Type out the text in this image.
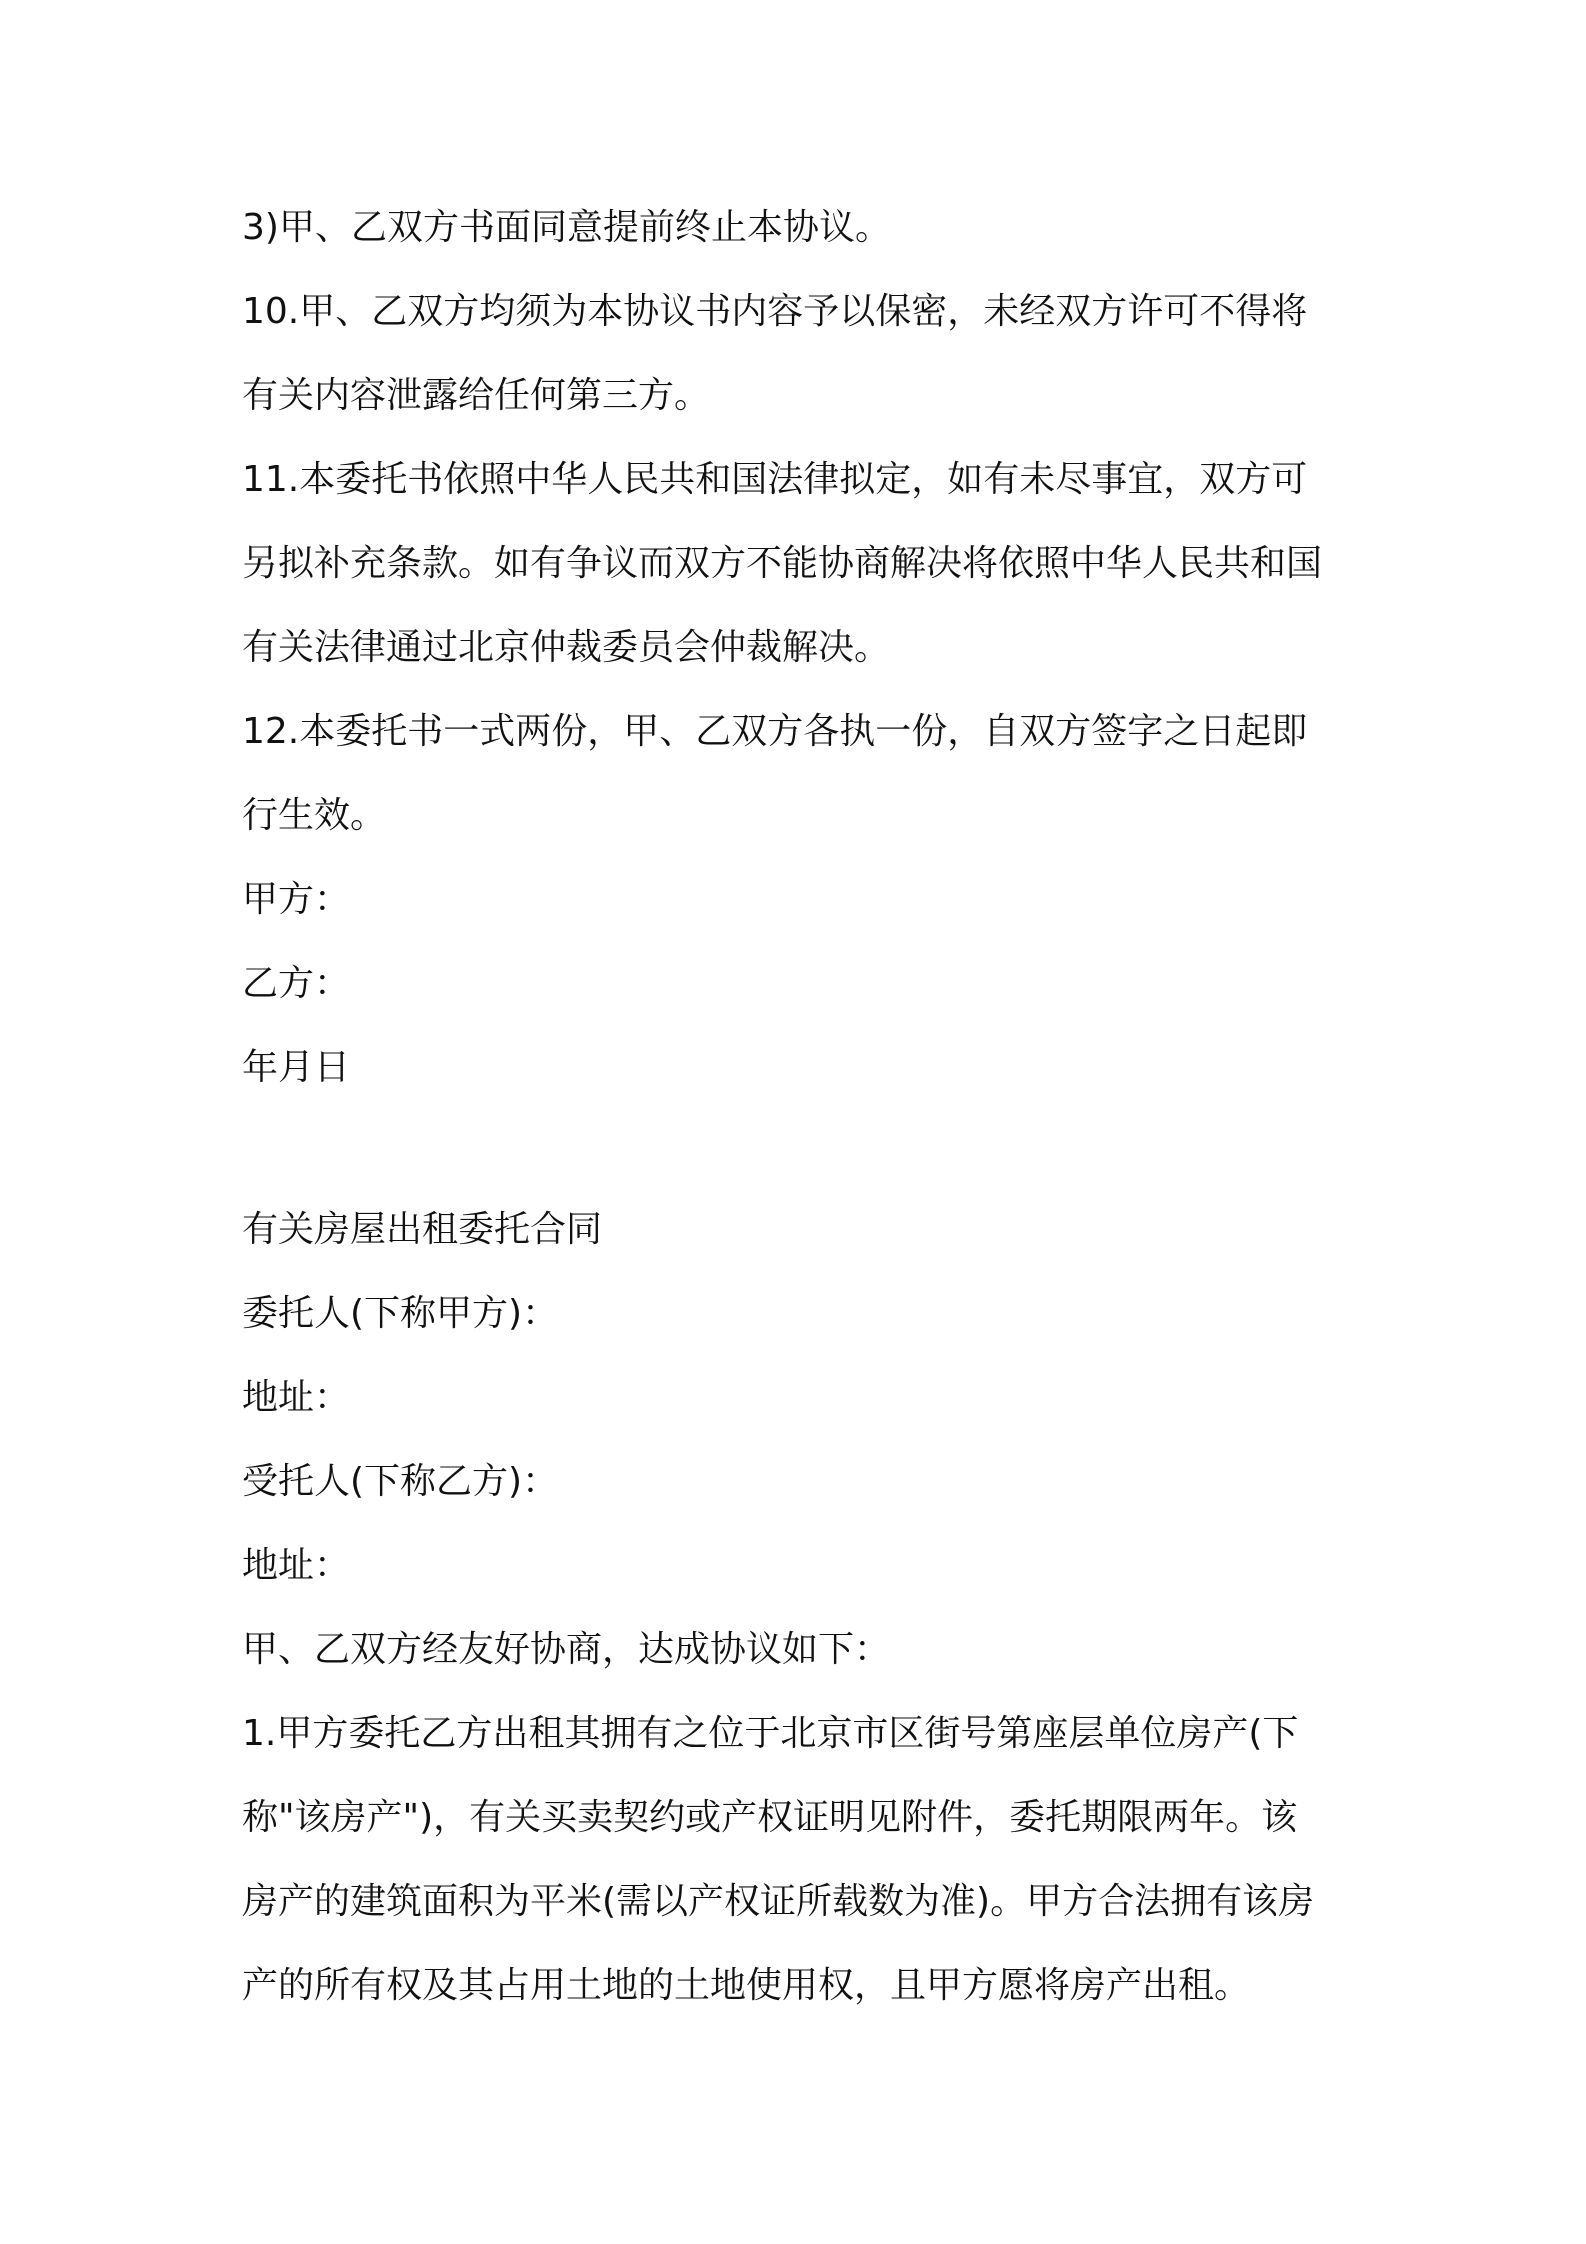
3)甲、乙双方书面同意提前终止本协议。
10.甲、乙双方均须为本协议书内容予以保密，未经双方许可不得将
有关内容泄露给任何第三方。
11.本委托书依照中华人民共和国法律拟定，如有未尽事宜，双方可
另拟补充条款。如有争议而双方不能协商解决将依照中华人民共和国
有关法律通过北京仲裁委员会仲裁解决。
12.本委托书一式两份，甲、乙双方各执一份，自双方签字之日起即
行生效。
甲方：
乙方：
年月日
有关房屋出租委托合同
委托人(下称甲方)：
地址：
受托人(下称乙方)：
地址：
甲、乙双方经友好协商，达成协议如下：
1.甲方委托乙方出租其拥有之位于北京市区街号第座层单位房产(下
称"该房产")，有关买卖契约或产权证明见附件，委托期限两年。该
房产的建筑面积为平米(需以产权证所载数为准)。甲方合法拥有该房
产的所有权及其占用土地的土地使用权，且甲方愿将房产出租。
